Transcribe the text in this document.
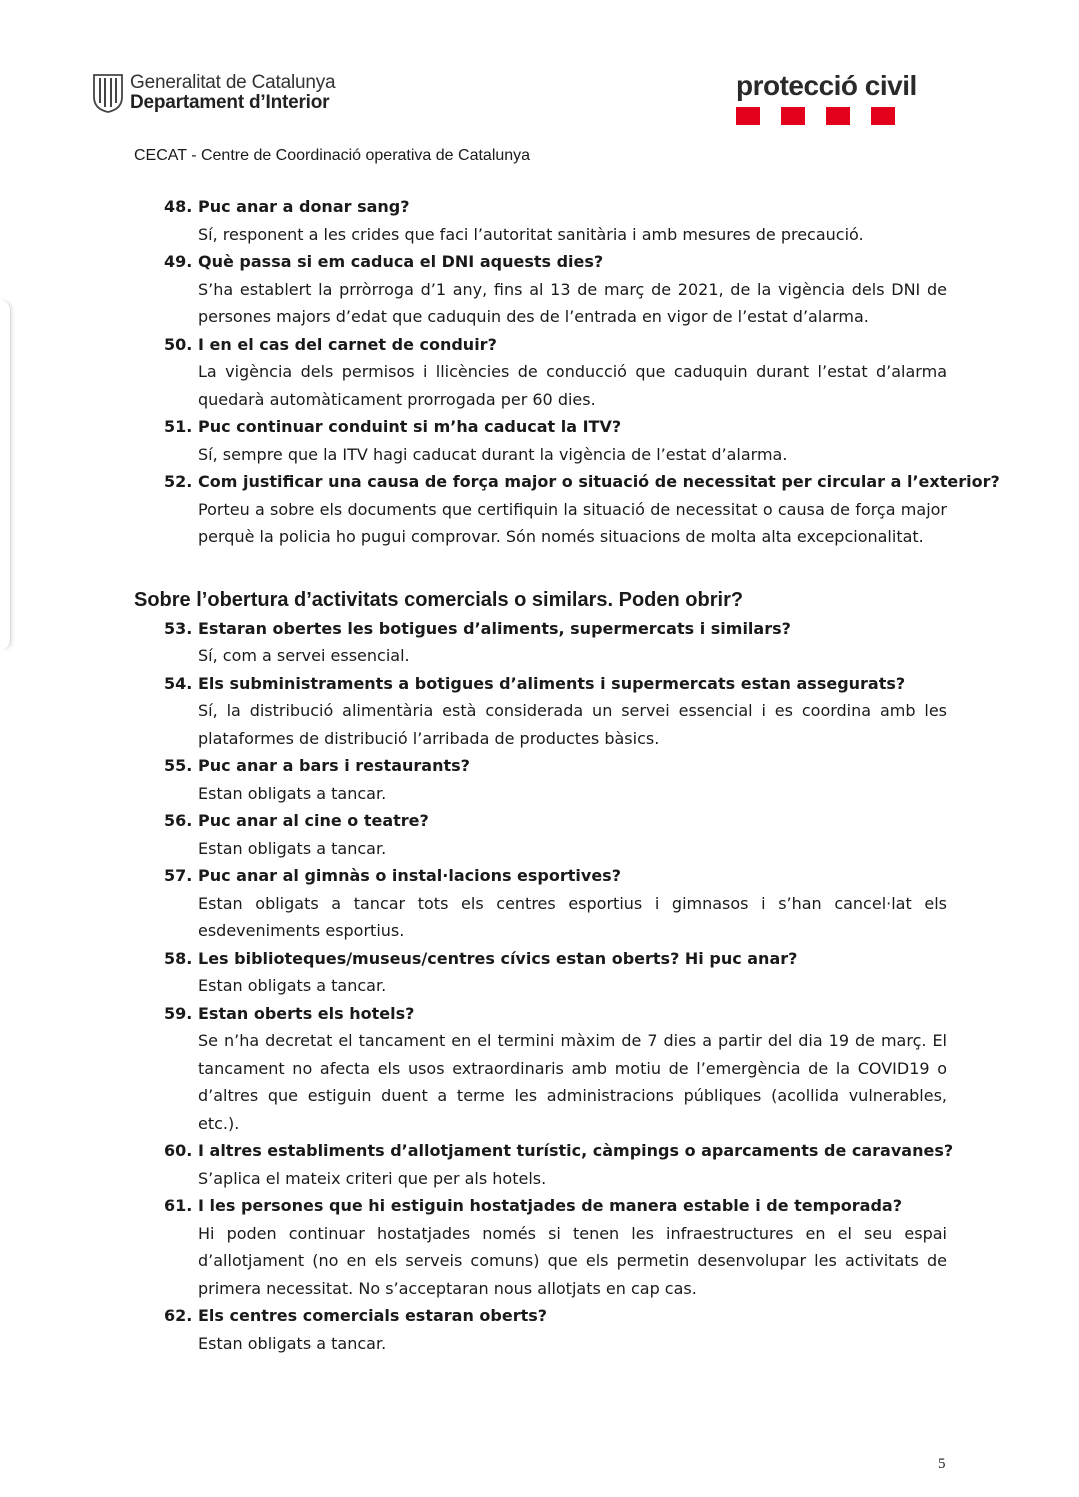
Generalitat de Catalunya
Departament d’Interior
protecció civil
CECAT - Centre de Coordinació operativa de Catalunya
48. Puc anar a donar sang?
Sí, responent a les crides que faci l’autoritat sanitària i amb mesures de precaució.
49. Què passa si em caduca el DNI aquests dies?
S’ha establert la prròrroga d’1 any, fins al 13 de març de 2021, de la vigència dels DNI de persones majors d’edat que caduquin des de l’entrada en vigor de l’estat d’alarma.
50. I en el cas del carnet de conduir?
La vigència dels permisos i llicències de conducció que caduquin durant l’estat d’alarma quedarà automàticament prorrogada per 60 dies.
51. Puc continuar conduint si m’ha caducat la ITV?
Sí, sempre que la ITV hagi caducat durant la vigència de l’estat d’alarma.
52. Com justificar una causa de força major o situació de necessitat per circular a l’exterior?
Porteu a sobre els documents que certifiquin la situació de necessitat o causa de força major perquè la policia ho pugui comprovar. Són només situacions de molta alta excepcionalitat.
Sobre l’obertura d’activitats comercials o similars. Poden obrir?
53. Estaran obertes les botigues d’aliments, supermercats i similars?
Sí, com a servei essencial.
54. Els subministraments a botigues d’aliments i supermercats estan assegurats?
Sí, la distribució alimentària està considerada un servei essencial i es coordina amb les plataformes de distribució l’arribada de productes bàsics.
55. Puc anar a bars i restaurants?
Estan obligats a tancar.
56. Puc anar al cine o teatre?
Estan obligats a tancar.
57. Puc anar al gimnàs o instal·lacions esportives?
Estan obligats a tancar tots els centres esportius i gimnasos i s’han cancel·lat els esdeveniments esportius.
58. Les biblioteques/museus/centres cívics estan oberts? Hi puc anar?
Estan obligats a tancar.
59. Estan oberts els hotels?
Se n’ha decretat el tancament en el termini màxim de 7 dies a partir del dia 19 de març. El tancament no afecta els usos extraordinaris amb motiu de l’emergència de la COVID19 o d’altres que estiguin duent a terme les administracions públiques (acollida vulnerables, etc.).
60. I altres establiments d’allotjament turístic, càmpings o aparcaments de caravanes?
S’aplica el mateix criteri que per als hotels.
61. I les persones que hi estiguin hostatjades de manera estable i de temporada?
Hi poden continuar hostatjades només si tenen les infraestructures en el seu espai d’allotjament (no en els serveis comuns) que els permetin desenvolupar les activitats de primera necessitat. No s’acceptaran nous allotjats en cap cas.
62. Els centres comercials estaran oberts?
Estan obligats a tancar.
5
